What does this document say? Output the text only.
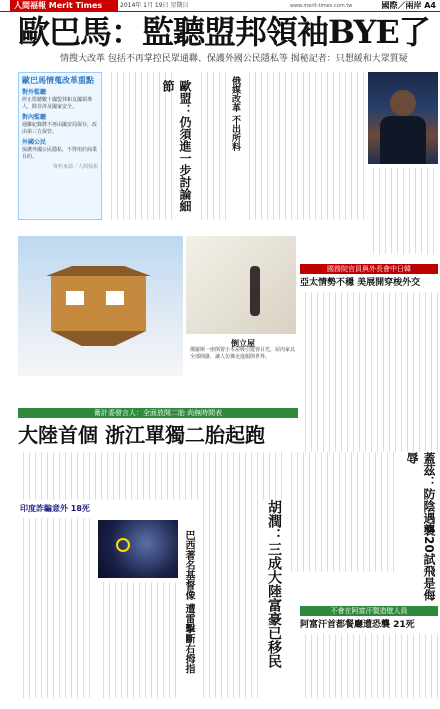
人間福報 Merit Times	2014年 1月 19日 星期日	www.merit-times.com.tw	國際／兩岸 A4
歐巴馬：監聽盟邦領袖BYE了
情搜大改革 包括不再掌控民眾通聯、保護外國公民隱私等 揭秘記者：只想緩和大眾質疑
歐巴馬情蒐改革重點
對外監聽
停止監聽數十國盟邦和友國領導人，除非涉及國家安全。
對內監聽
通聯紀錄將不再由國安局保存，改由第三方保管。
外國公民
保護外國公民隱私，不得用於商業目的。
資料來源／人間福報	歐盟：仍須進一步討論細節	俄媒改革 不出所料
國務院官員與外長會中日韓
亞太情勢不穩 美展開穿梭外交
倒立屋
俄羅斯一座倒置小木屋吸引遊客目光，屋內家具全部倒掛，讓人彷彿走進顛倒世界。
衛計委發言人：全面放開二胎 尚無時間表
大陸首個 浙江單獨二胎起跑
印度詐騙意外 18死
巴西著名基督像 遭雷擊斷右拇指	胡潤：三成大陸富豪已移民	蓋茲：防陰遇襲20試飛是侮辱
不會在阿富汗製造壁人員
阿富汗首都餐廳遭恐襲 21死
